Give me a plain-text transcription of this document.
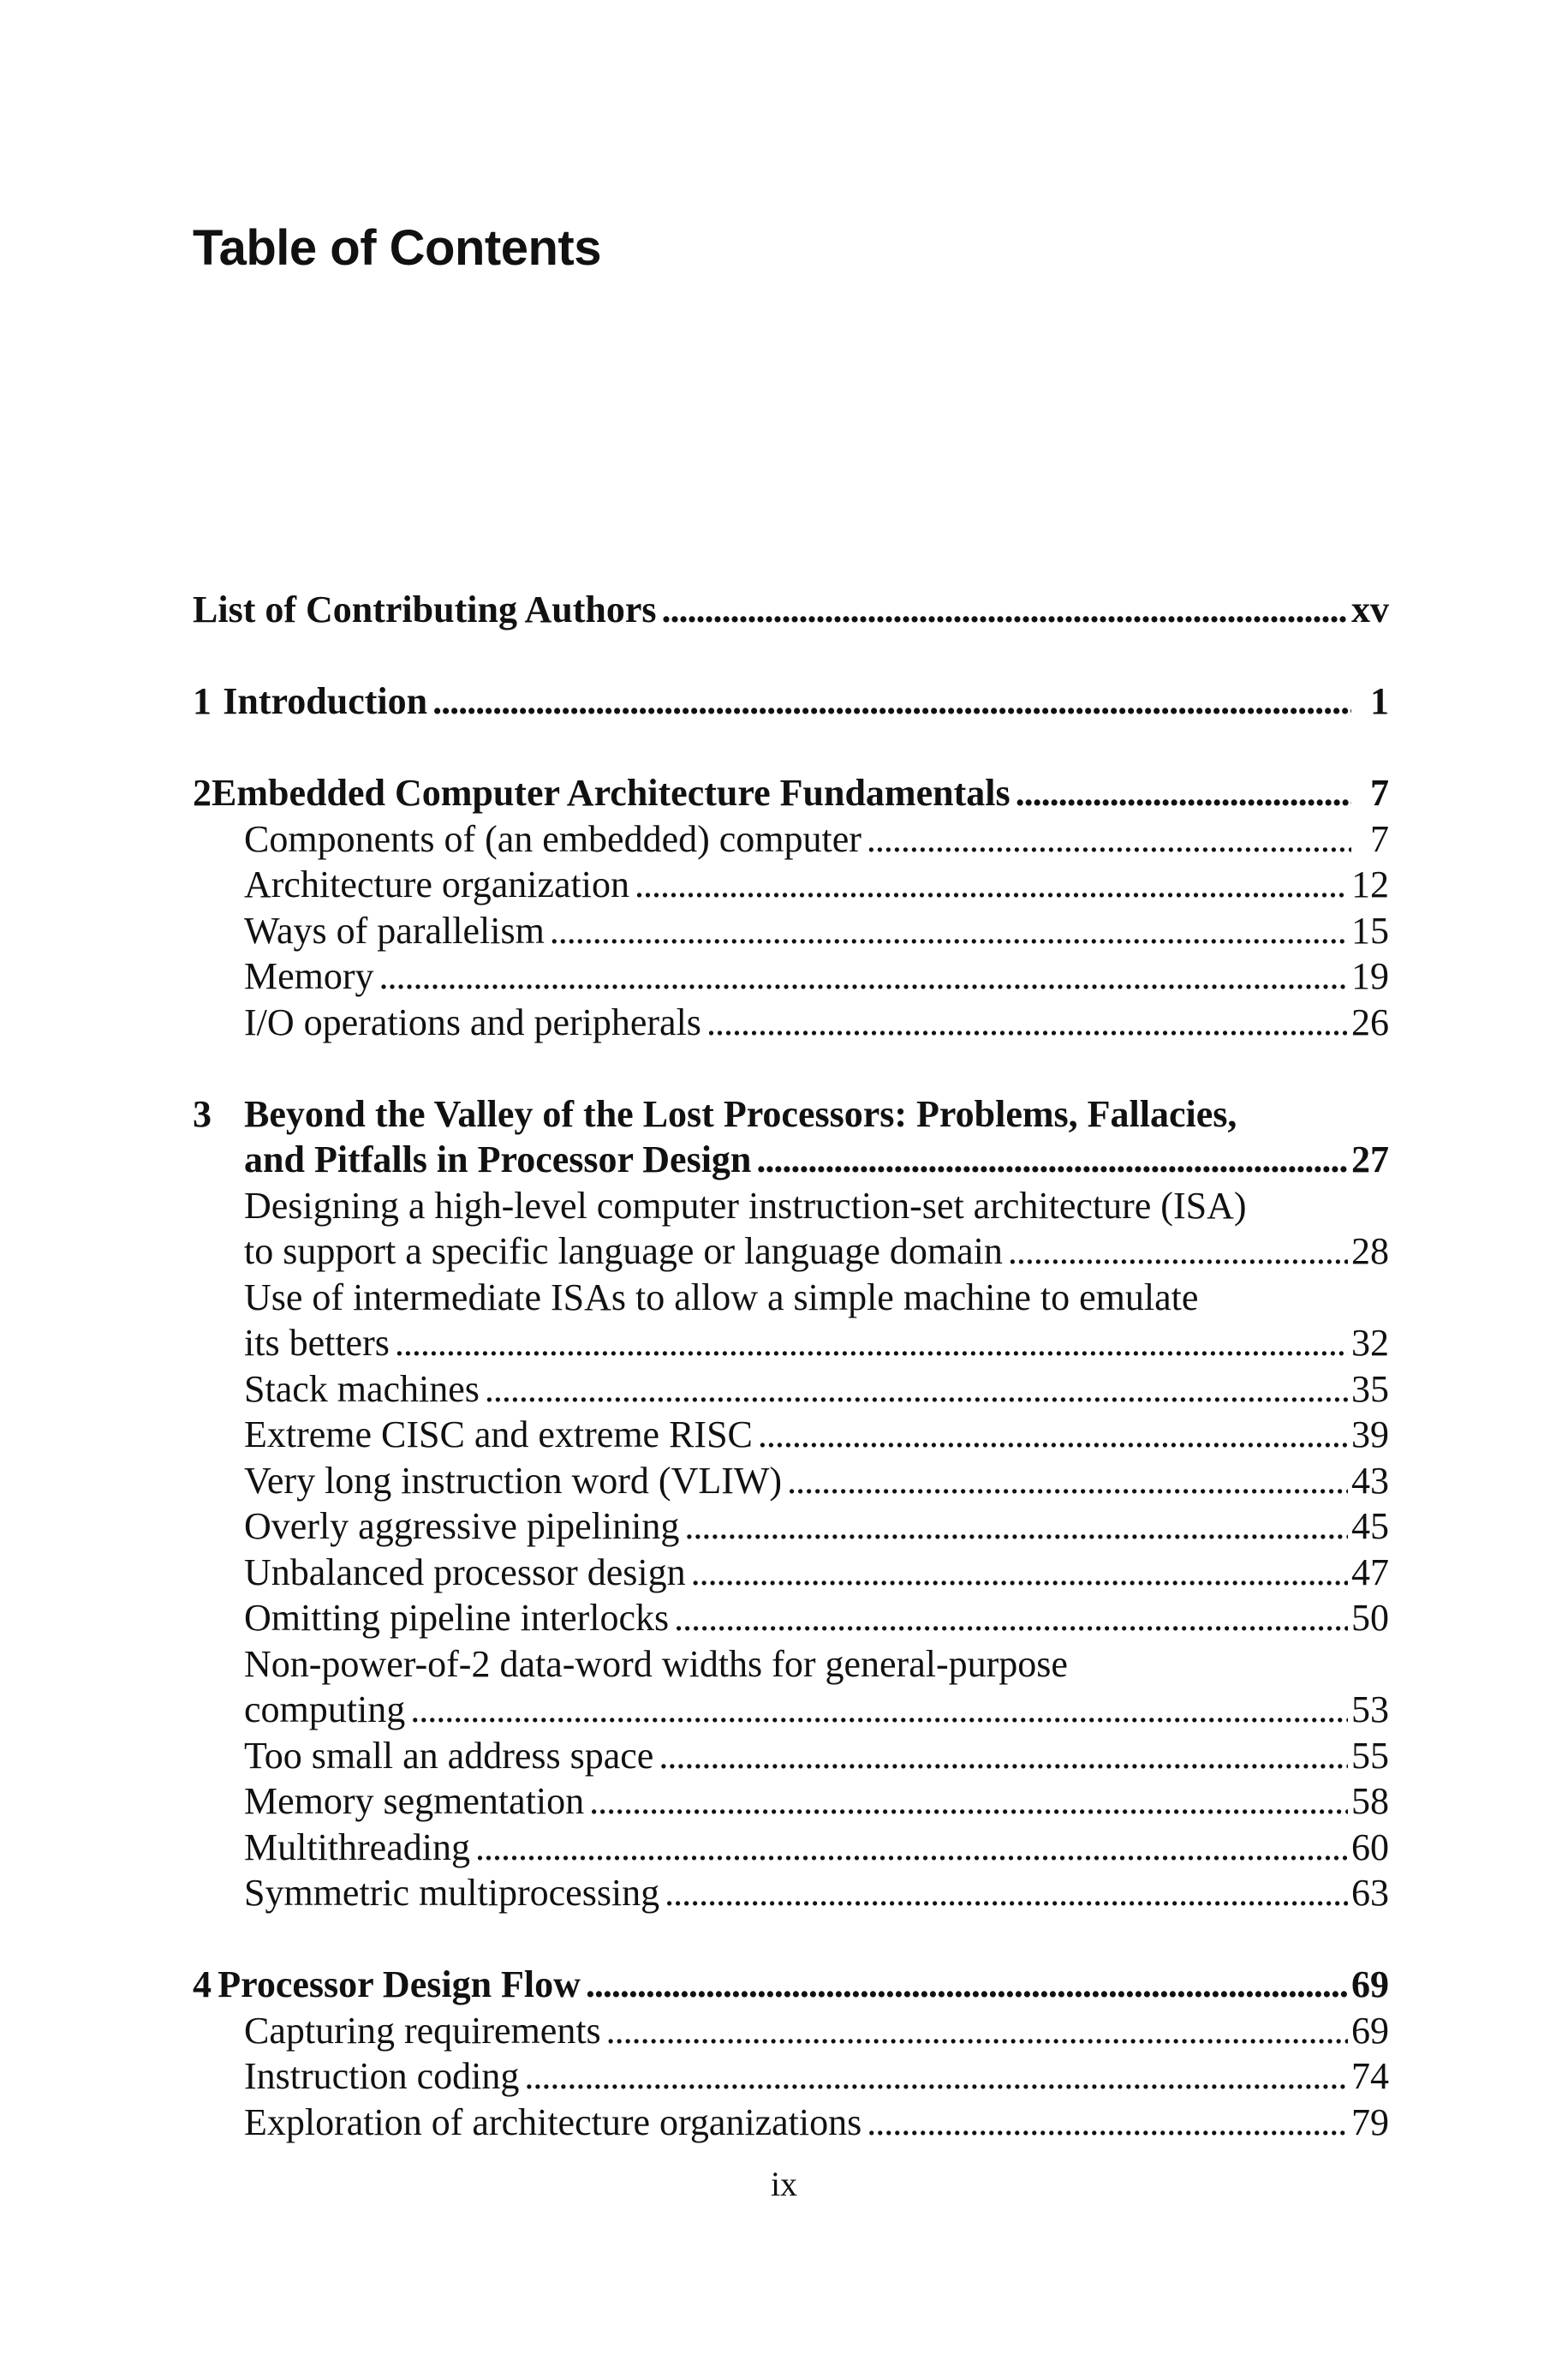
Table of Contents
List of Contributing Authors . . .	xv
1 Introduction . . .	1
2 Embedded Computer Architecture Fundamentals . . .	7
Components of (an embedded) computer . . .	7
Architecture organization . . .	12
Ways of parallelism . . .	15
Memory . . .	19
I/O operations and peripherals . . .	26
3 Beyond the Valley of the Lost Processors: Problems, Fallacies,
and Pitfalls in Processor Design . . .	27
Designing a high-level computer instruction-set architecture (ISA)
to support a specific language or language domain . . .	28
Use of intermediate ISAs to allow a simple machine to emulate
its betters . . .	32
Stack machines . . .	35
Extreme CISC and extreme RISC . . .	39
Very long instruction word (VLIW) . . .	43
Overly aggressive pipelining . . .	45
Unbalanced processor design . . .	47
Omitting pipeline interlocks . . .	50
Non-power-of-2 data-word widths for general-purpose
computing . . .	53
Too small an address space . . .	55
Memory segmentation . . .	58
Multithreading . . .	60
Symmetric multiprocessing . . .	63
4 Processor Design Flow . . .	69
Capturing requirements . . .	69
Instruction coding . . .	74
Exploration of architecture organizations . . .	79
ix
